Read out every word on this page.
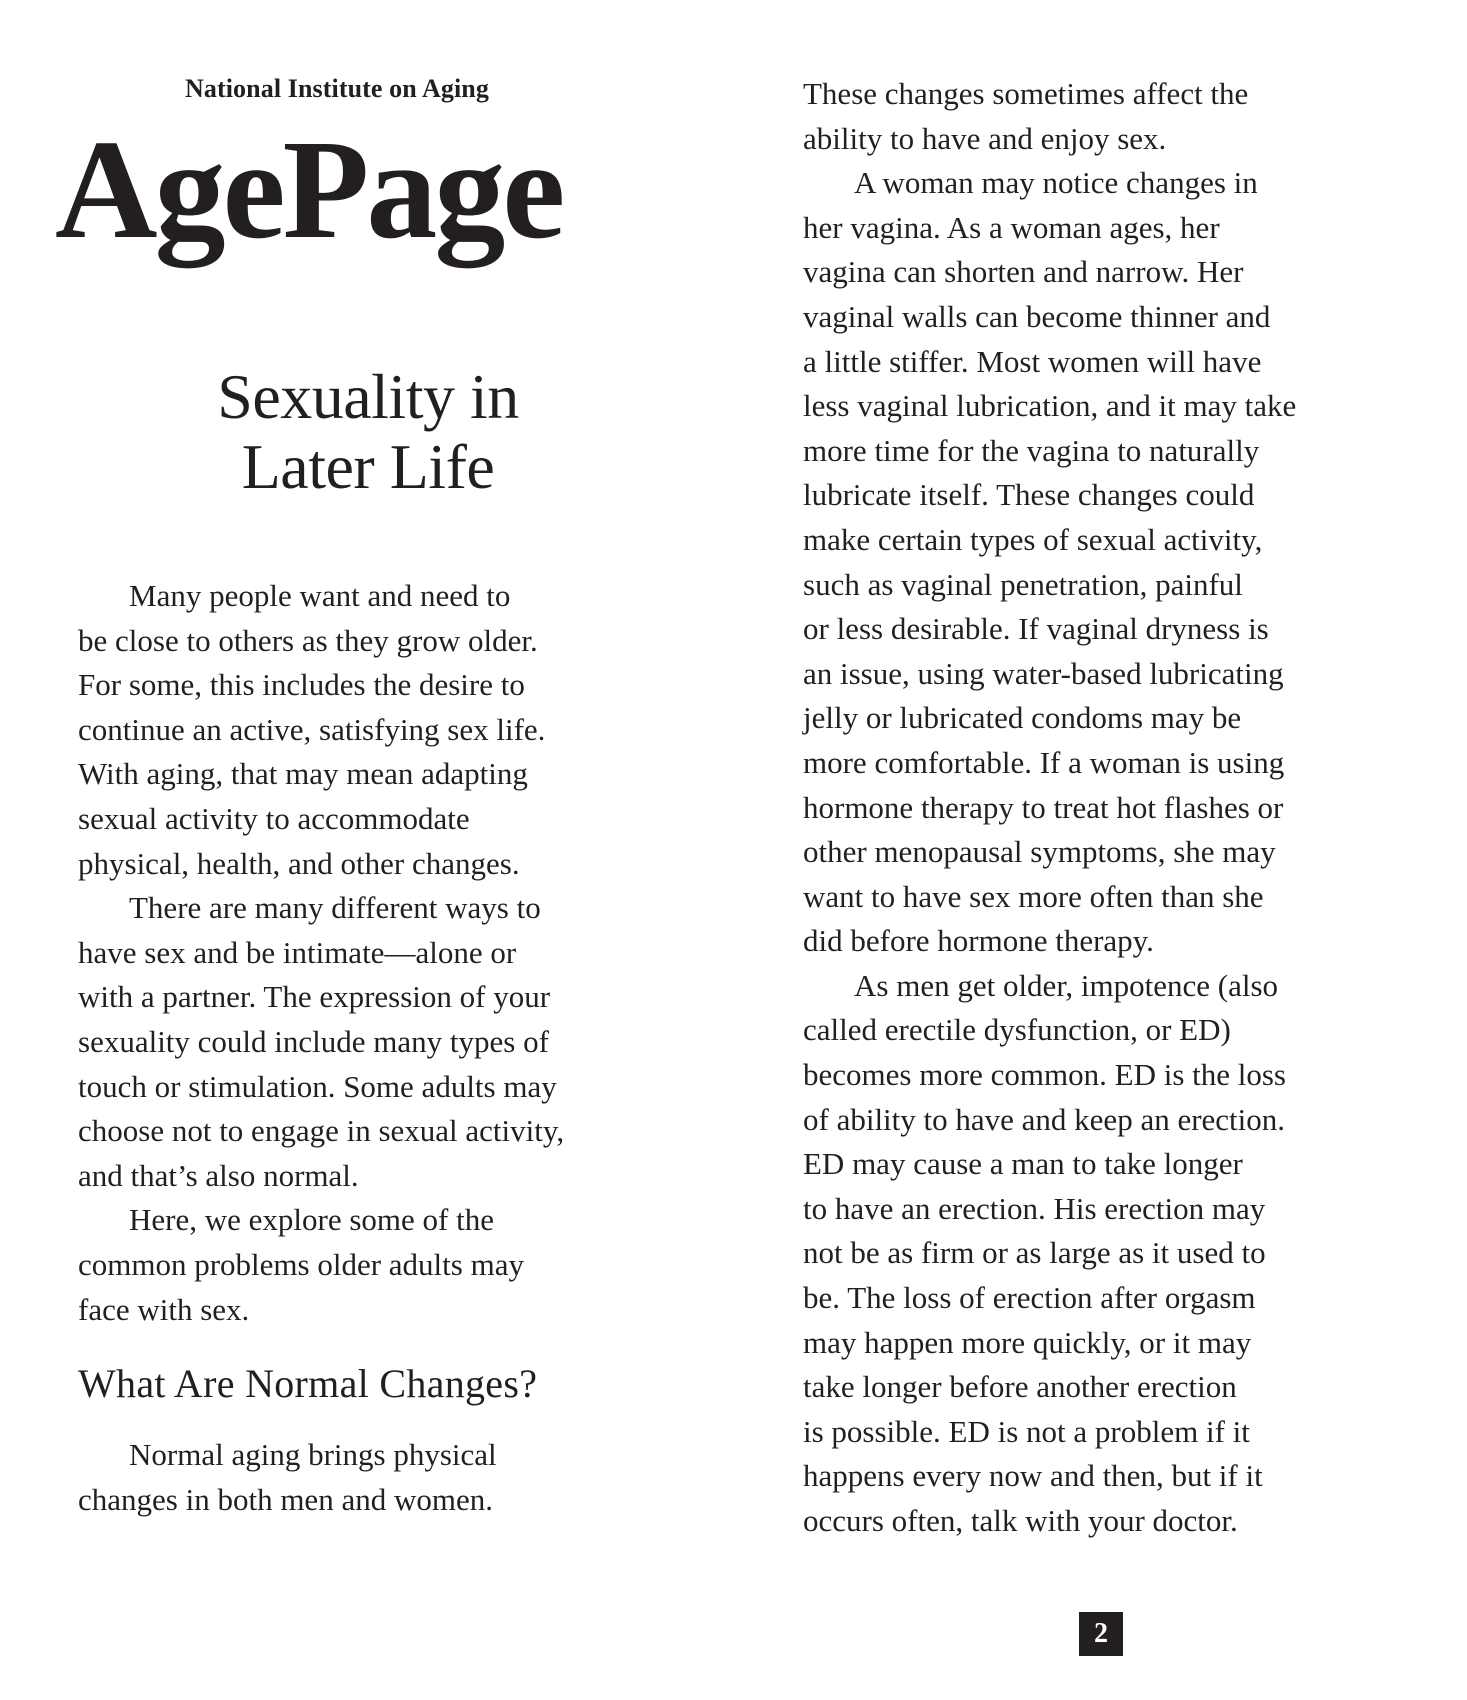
National Institute on Aging
AgePage
Sexuality in
Later Life

Many people want and need to
be close to others as they grow older.
For some, this includes the desire to
continue an active, satisfying sex life.
With aging, that may mean adapting
sexual activity to accommodate
physical, health, and other changes.

There are many different ways to
have sex and be intimate—alone or
with a partner. The expression of your
sexuality could include many types of
touch or stimulation. Some adults may
choose not to engage in sexual activity,
and that’s also normal.

Here, we explore some of the
common problems older adults may
face with sex.

What Are Normal Changes?

Normal aging brings physical
changes in both men and women.

These changes sometimes affect the
ability to have and enjoy sex.

A woman may notice changes in
her vagina. As a woman ages, her
vagina can shorten and narrow. Her
vaginal walls can become thinner and
a little stiffer. Most women will have
less vaginal lubrication, and it may take
more time for the vagina to naturally
lubricate itself. These changes could
make certain types of sexual activity,
such as vaginal penetration, painful
or less desirable. If vaginal dryness is
an issue, using water-based lubricating
jelly or lubricated condoms may be
more comfortable. If a woman is using
hormone therapy to treat hot flashes or
other menopausal symptoms, she may
want to have sex more often than she
did before hormone therapy.

As men get older, impotence (also
called erectile dysfunction, or ED)
becomes more common. ED is the loss
of ability to have and keep an erection.
ED may cause a man to take longer
to have an erection. His erection may
not be as firm or as large as it used to
be. The loss of erection after orgasm
may happen more quickly, or it may
take longer before another erection
is possible. ED is not a problem if it
happens every now and then, but if it
occurs often, talk with your doctor.

2
